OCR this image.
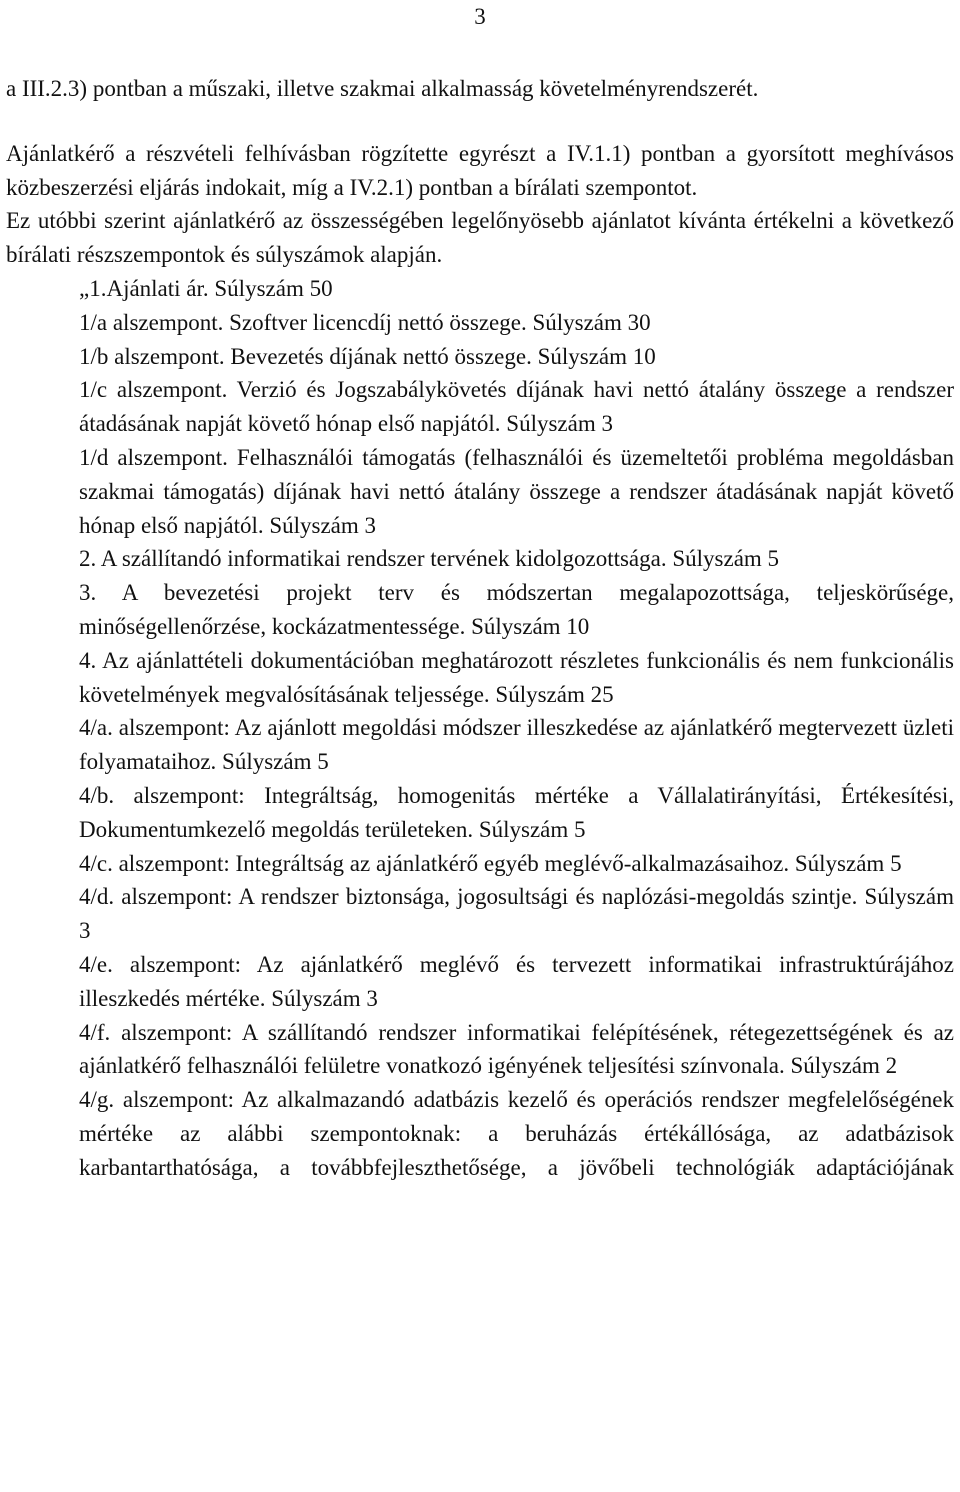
3

a III.2.3) pontban a műszaki, illetve szakmai alkalmasság követelményrendszerét.

Ajánlatkérő a részvételi felhívásban rögzítette egyrészt a IV.1.1) pontban a gyorsított meghívásos közbeszerzési eljárás indokait, míg a IV.2.1) pontban a bírálati szempontot.

Ez utóbbi szerint ajánlatkérő az összességében legelőnyösebb ajánlatot kívánta értékelni a következő bírálati részszempontok és súlyszámok alapján.

„1.Ajánlati ár. Súlyszám 50

1/a alszempont. Szoftver licencdíj nettó összege. Súlyszám 30

1/b alszempont. Bevezetés díjának nettó összege. Súlyszám 10

1/c alszempont. Verzió és Jogszabálykövetés díjának havi nettó átalány összege a rendszer átadásának napját követő hónap első napjától. Súlyszám 3

1/d alszempont. Felhasználói támogatás (felhasználói és üzemeltetői probléma megoldásban szakmai támogatás) díjának havi nettó átalány összege a rendszer átadásának napját követő hónap első napjától. Súlyszám 3

2. A szállítandó informatikai rendszer tervének kidolgozottsága. Súlyszám 5

3. A bevezetési projekt terv és módszertan megalapozottsága, teljeskörűsége, minőségellenőrzése, kockázatmentessége. Súlyszám 10

4. Az ajánlattételi dokumentációban meghatározott részletes funkcionális és nem funkcionális követelmények megvalósításának teljessége. Súlyszám 25

4/a. alszempont: Az ajánlott megoldási módszer illeszkedése az ajánlatkérő megtervezett üzleti folyamataihoz. Súlyszám 5

4/b. alszempont: Integráltság, homogenitás mértéke a Vállalatirányítási, Értékesítési, Dokumentumkezelő megoldás területeken. Súlyszám 5

4/c. alszempont: Integráltság az ajánlatkérő egyéb meglévő-alkalmazásaihoz. Súlyszám 5

4/d. alszempont: A rendszer biztonsága, jogosultsági és naplózási-megoldás szintje. Súlyszám 3

4/e. alszempont: Az ajánlatkérő meglévő és tervezett informatikai infrastruktúrájához illeszkedés mértéke. Súlyszám 3

4/f. alszempont: A szállítandó rendszer informatikai felépítésének, rétegezettségének és az ajánlatkérő felhasználói felületre vonatkozó igényének teljesítési színvonala. Súlyszám 2

4/g. alszempont: Az alkalmazandó adatbázis kezelő és operációs rendszer megfelelőségének mértéke az alábbi szempontoknak: a beruházás értékállósága, az adatbázisok karbantarthatósága, a továbbfejleszthetősége, a jövőbeli technológiák adaptációjának
